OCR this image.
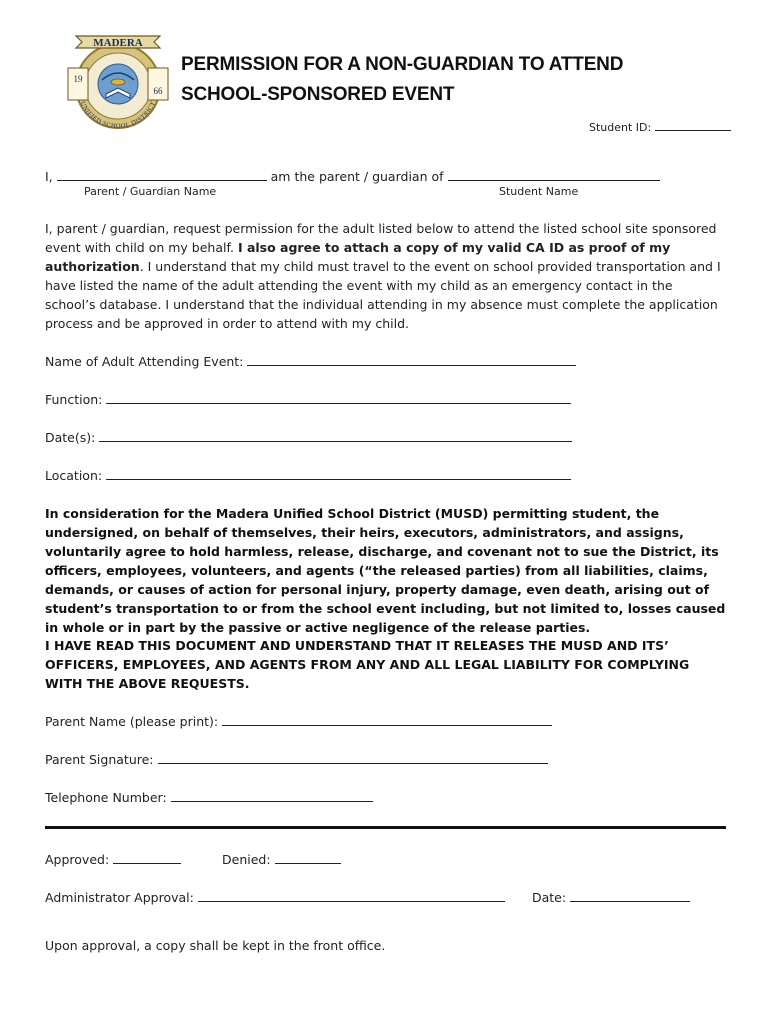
MADERA
19
66
UNIFIED SCHOOL DISTRICT
PERMISSION FOR A NON-GUARDIAN TO ATTEND
SCHOOL-SPONSORED EVENT
Student ID:
I,	am the parent / guardian of
Parent / Guardian Name	Student Name
I, parent / guardian, request permission for the adult listed below to attend the listed school site sponsored event with child on my behalf. I also agree to attach a copy of my valid CA ID as proof of my authorization. I understand that my child must travel to the event on school provided transportation and I have listed the name of the adult attending the event with my child as an emergency contact in the school’s database. I understand that the individual attending in my absence must complete the application process and be approved in order to attend with my child.
Name of Adult Attending Event:
Function:
Date(s):
Location:
In consideration for the Madera Unified School District (MUSD) permitting student, the undersigned, on behalf of themselves, their heirs, executors, administrators, and assigns, voluntarily agree to hold harmless, release, discharge, and covenant not to sue the District, its officers, employees, volunteers, and agents (“the released parties) from all liabilities, claims, demands, or causes of action for personal injury, property damage, even death, arising out of student’s transportation to or from the school event including, but not limited to, losses caused in whole or in part by the passive or active negligence of the release parties.
I HAVE READ THIS DOCUMENT AND UNDERSTAND THAT IT RELEASES THE MUSD AND ITS’ OFFICERS, EMPLOYEES, AND AGENTS FROM ANY AND ALL LEGAL LIABILITY FOR COMPLYING WITH THE ABOVE REQUESTS.
Parent Name (please print):
Parent Signature:
Telephone Number:
Approved:	Denied:
Administrator Approval:	Date:
Upon approval, a copy shall be kept in the front office.
